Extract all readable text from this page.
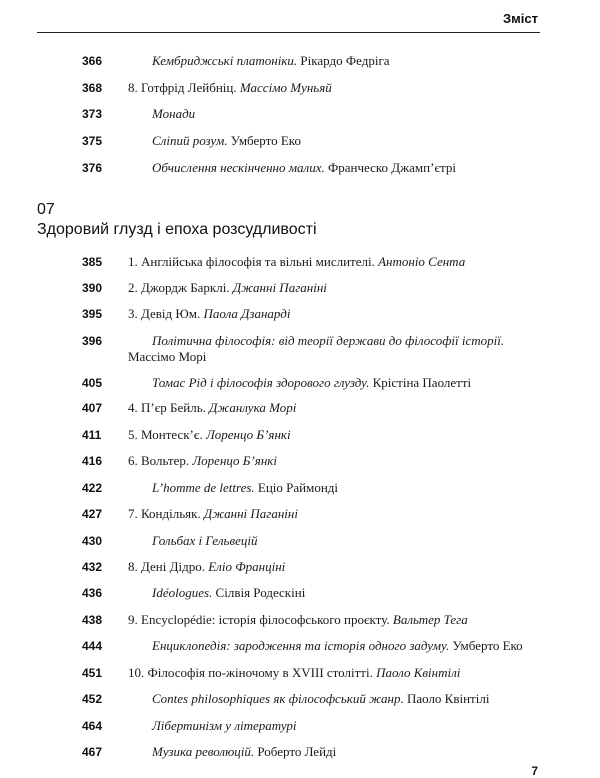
Зміст
366	Кембриджські платоніки. Рікардо Федріга
368 8. Готфрід Лейбніц. Массімо Муньяй
373	Монади
375	Сліпий розум. Умберто Еко
376	Обчислення нескінченно малих. Франческо Джамп’єтрі
07
Здоровий глузд і епоха розсудливості
385 1. Англійська філософія та вільні мислителі. Антоніо Сента
390 2. Джордж Барклі. Джанні Паганіні
395 3. Девід Юм. Паола Дзанарді
396	Політична філософія: від теорії держави до філософії історії. Массімо Морі
405	Томас Рід і філософія здорового глузду. Крістіна Паолетті
407 4. П’єр Бейль. Джанлука Морі
411 5. Монтеск’є. Лоренцо Б’янкі
416 6. Вольтер. Лоренцо Б’янкі
422	L’homme de lettres. Еціо Раймонді
427 7. Кондільяк. Джанні Паганіні
430	Гольбах і Гельвецій
432 8. Дені Дідро. Еліо Франціні
436	Idéologues. Сілвія Родескіні
438 9. Encyclopédie: історія філософського проєкту. Вальтер Тега
444	Енциклопедія: зародження та історія одного задуму. Умберто Еко
451 10. Філософія по-жіночому в XVIII столітті. Паоло Квінтілі
452	Contes philosophiques як філософський жанр. Паоло Квінтілі
464	Лібертинізм у літературі
467	Музика революцій. Роберто Лейді
7
